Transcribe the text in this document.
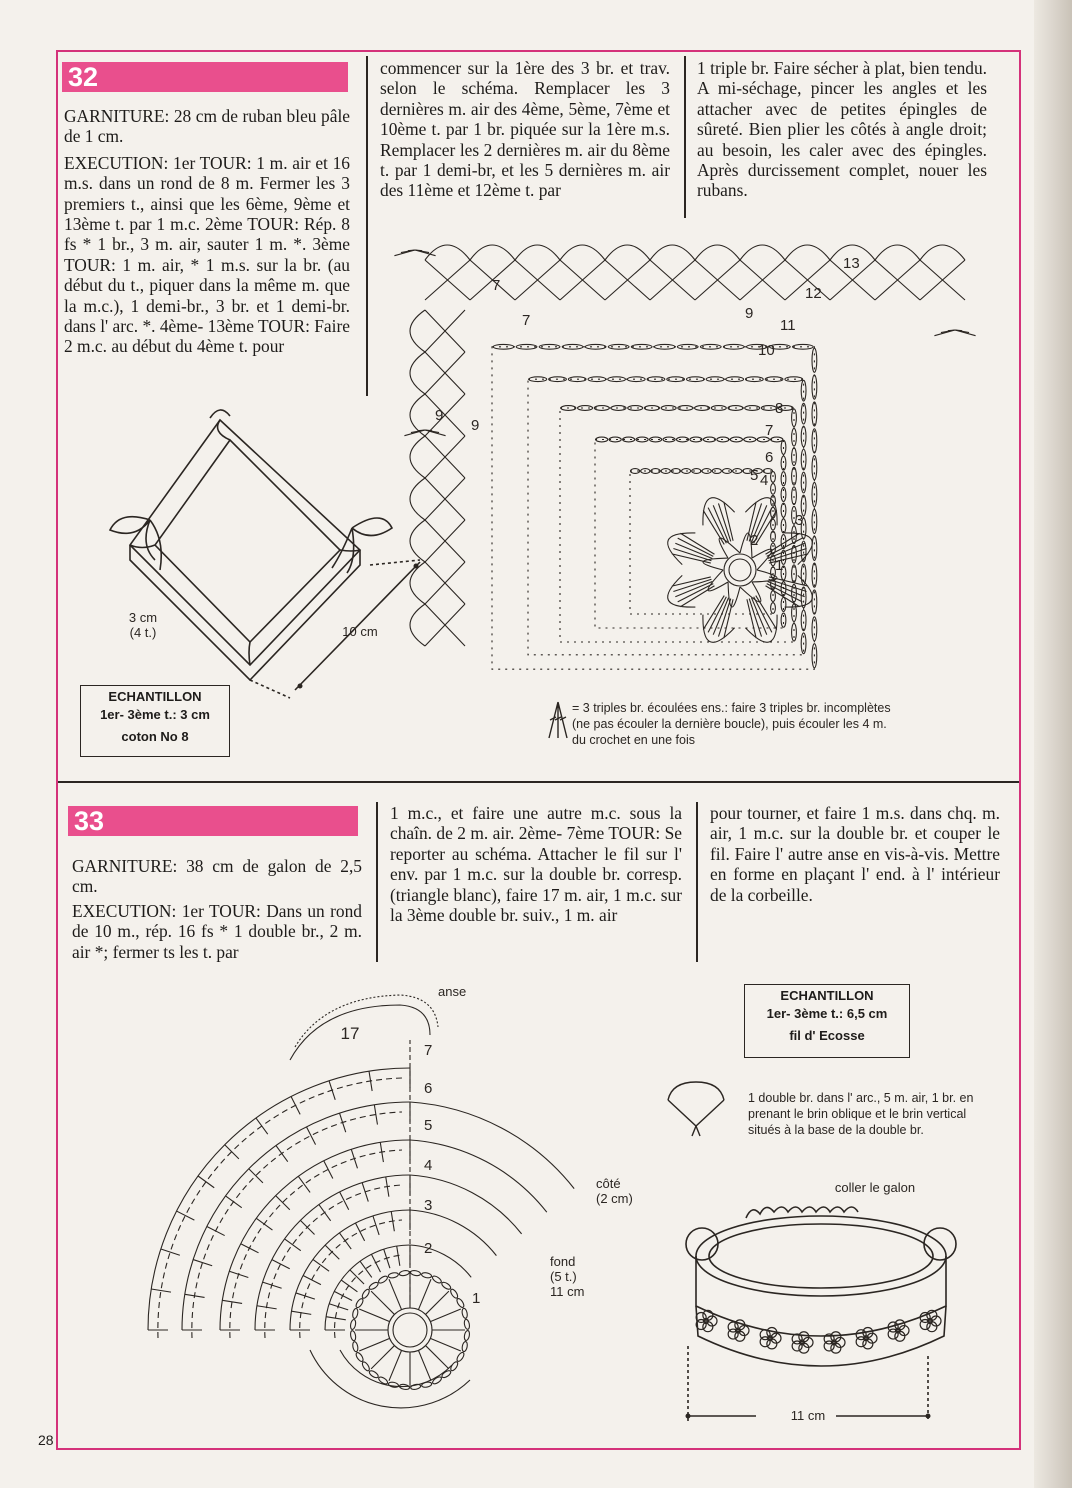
32

GARNITURE: 28 cm de ruban bleu pâle de 1 cm.

EXECUTION: 1er TOUR: 1 m. air et 16 m.s. dans un rond de 8 m. Fermer les 3 premiers t., ainsi que les 6ème, 9ème et 13ème t. par 1 m.c. 2ème TOUR: Rép. 8 fs * 1 br., 3 m. air, sauter 1 m. *. 3ème TOUR: 1 m. air, * 1 m.s. sur la br. (au début du t., piquer dans la même m. que la m.c.), 1 demi-br., 3 br. et 1 demi-br. dans l' arc. *. 4ème- 13ème TOUR: Faire 2 m.c. au début du 4ème t. pour

commencer sur la 1ère des 3 br. et trav. selon le schéma. Remplacer les 3 dernières m. air des 4ème, 5ème, 7ème et 10ème t. par 1 br. piquée sur la 1ère m.s. Remplacer les 2 dernières m. air du 8ème t. par 1 demi-br, et les 5 dernières m. air des 11ème et 12ème t. par
1 triple br. Faire sécher à plat, bien tendu. A mi-séchage, pincer les angles et les attacher avec de petites épingles de sûreté. Bien plier les côtés à angle droit; au besoin, les caler avec des épingles. Après durcissement complet, nouer les rubans.
3 cm
(4 t.)	10 cm
ECHANTILLON
1er- 3ème t.: 3 cm
coton No 8
1
2
3
4
5
6
7
8
9
10
11
12
13
7
7
9
9
= 3 triples br. écoulées ens.: faire 3 triples br. incomplètes (ne pas écouler la dernière boucle), puis écouler les 4 m. du crochet en une fois
33

GARNITURE: 38 cm de galon de 2,5 cm.

EXECUTION: 1er TOUR: Dans un rond de 10 m., rép. 16 fs * 1 double br., 2 m. air *; fermer ts les t. par

1 m.c., et faire une autre m.c. sous la chaîn. de 2 m. air. 2ème- 7ème TOUR: Se reporter au schéma. Attacher le fil sur l' env. par 1 m.c. sur la double br. corresp. (triangle blanc), faire 17 m. air, 1 m.c. sur la 3ème double br. suiv., 1 m. air
pour tourner, et faire 1 m.s. dans chq. m. air, 1 m.c. sur la double br. et couper le fil. Faire l' autre anse en vis-à-vis. Mettre en forme en plaçant l' end. à l' intérieur de la corbeille.
ECHANTILLON
1er- 3ème t.: 6,5 cm
fil d' Ecosse
1
2
3
4
5
6
7
anse
17
côté
(2 cm)
fond
(5 t.)
11 cm
1 double br. dans l' arc., 5 m. air, 1 br. en prenant le brin oblique et le brin vertical situés à la base de la double br.
coller le galon
11 cm
28
